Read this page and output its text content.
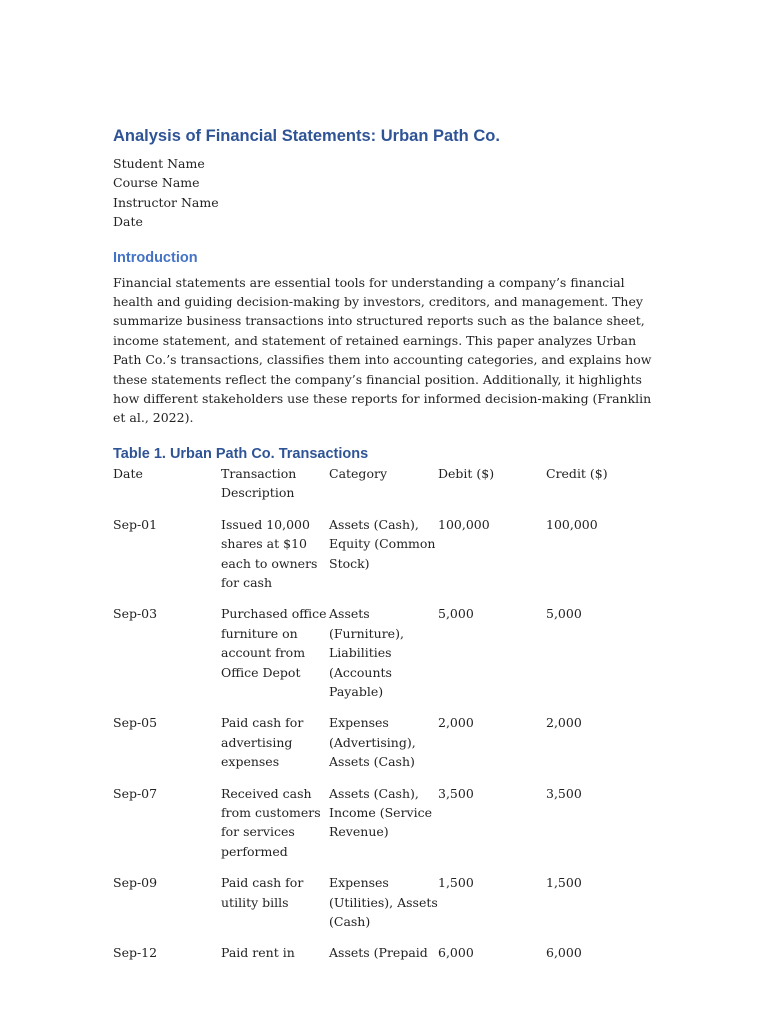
Analysis of Financial Statements: Urban Path Co.

Student Name

Course Name

Instructor Name

Date

Introduction

Financial statements are essential tools for understanding a company’s financial health and guiding decision-making by investors, creditors, and management. They summarize business transactions into structured reports such as the balance sheet, income statement, and statement of retained earnings. This paper analyzes Urban Path Co.’s transactions, classifies them into accounting categories, and explains how these statements reflect the company’s financial position. Additionally, it highlights how different stakeholders use these reports for informed decision-making (Franklin et al., 2022).

Table 1. Urban Path Co. Transactions
Date	Transaction Description	Category	Debit ($)	Credit ($)
Sep-01	Issued 10,000 shares at $10 each to owners for cash	Assets (Cash), Equity (Common Stock)	100,000	100,000
Sep-03	Purchased office furniture on account from Office Depot	Assets (Furniture), Liabilities (Accounts Payable)	5,000	5,000
Sep-05	Paid cash for advertising expenses	Expenses (Advertising), Assets (Cash)	2,000	2,000
Sep-07	Received cash from customers for services performed	Assets (Cash), Income (Service Revenue)	3,500	3,500
Sep-09	Paid cash for utility bills	Expenses (Utilities), Assets (Cash)	1,500	1,500
Sep-12	Paid rent in	Assets (Prepaid	6,000	6,000
